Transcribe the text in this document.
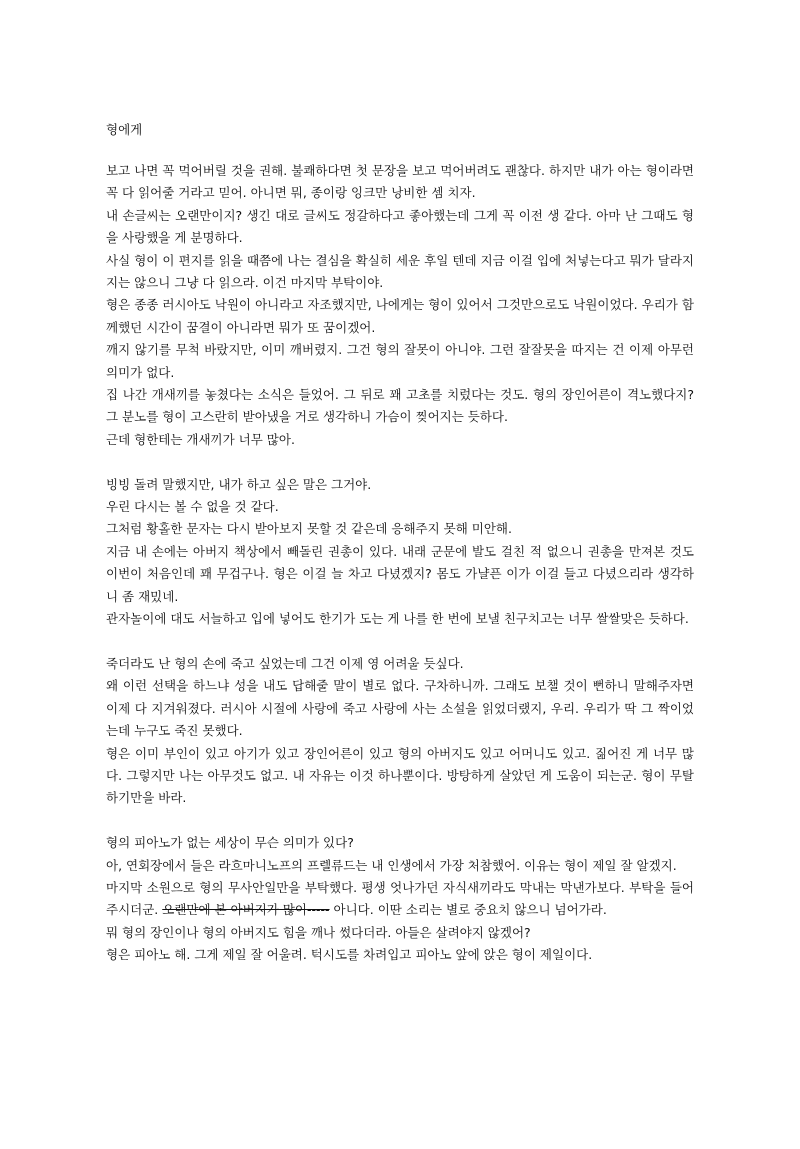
형에게

보고 나면 꼭 먹어버릴 것을 권해. 불쾌하다면 첫 문장을 보고 먹어버려도 괜찮다. 하지만 내가 아는 형이라면 꼭 다 읽어줄 거라고 믿어. 아니면 뭐, 종이랑 잉크만 낭비한 셈 치자.

내 손글씨는 오랜만이지? 생긴 대로 글씨도 정갈하다고 좋아했는데 그게 꼭 이전 생 같다. 아마 난 그때도 형을 사랑했을 게 분명하다.

사실 형이 이 편지를 읽을 때쯤에 나는 결심을 확실히 세운 후일 텐데 지금 이걸 입에 처넣는다고 뭐가 달라지지는 않으니 그냥 다 읽으라. 이건 마지막 부탁이야.

형은 종종 러시아도 낙원이 아니라고 자조했지만, 나에게는 형이 있어서 그것만으로도 낙원이었다. 우리가 함께했던 시간이 꿈결이 아니라면 뭐가 또 꿈이겠어.

깨지 않기를 무척 바랐지만, 이미 깨버렸지. 그건 형의 잘못이 아니야. 그런 잘잘못을 따지는 건 이제 아무런 의미가 없다.

집 나간 개새끼를 놓쳤다는 소식은 들었어. 그 뒤로 꽤 고초를 치렀다는 것도. 형의 장인어른이 격노했다지? 그 분노를 형이 고스란히 받아냈을 거로 생각하니 가슴이 찢어지는 듯하다.

근데 형한테는 개새끼가 너무 많아.

빙빙 돌려 말했지만, 내가 하고 싶은 말은 그거야.

우린 다시는 볼 수 없을 것 같다.

그처럼 황홀한 문자는 다시 받아보지 못할 것 같은데 응해주지 못해 미안해.

지금 내 손에는 아버지 책상에서 빼돌린 권총이 있다. 내래 군문에 발도 걸친 적 없으니 권총을 만져본 것도 이번이 처음인데 꽤 무겁구나. 형은 이걸 늘 차고 다녔겠지? 몸도 가냘픈 이가 이걸 들고 다녔으리라 생각하니 좀 재밌네.

관자놀이에 대도 서늘하고 입에 넣어도 한기가 도는 게 나를 한 번에 보낼 친구치고는 너무 쌀쌀맞은 듯하다.

죽더라도 난 형의 손에 죽고 싶었는데 그건 이제 영 어려울 듯싶다.

왜 이런 선택을 하느냐 성을 내도 답해줄 말이 별로 없다. 구차하니까. 그래도 보챌 것이 뻔하니 말해주자면 이제 다 지겨워졌다. 러시아 시절에 사랑에 죽고 사랑에 사는 소설을 읽었더랬지, 우리. 우리가 딱 그 짝이었는데 누구도 죽진 못했다.

형은 이미 부인이 있고 아기가 있고 장인어른이 있고 형의 아버지도 있고 어머니도 있고. 짊어진 게 너무 많다. 그렇지만 나는 아무것도 없고. 내 자유는 이것 하나뿐이다. 방탕하게 살았던 게 도움이 되는군. 형이 무탈하기만을 바라.

형의 피아노가 없는 세상이 무슨 의미가 있다?

아, 연회장에서 들은 라흐마니노프의 프렐류드는 내 인생에서 가장 처참했어. 이유는 형이 제일 잘 알겠지.

마지막 소원으로 형의 무사안일만을 부탁했다. 평생 엇나가던 자식새끼라도 막내는 막낸가보다. 부탁을 들어주시더군. 오랜만에 본 아버지가 많이----- 아니다. 이딴 소리는 별로 중요치 않으니 넘어가라.

뭐 형의 장인이나 형의 아버지도 힘을 깨나 썼다더라. 아들은 살려야지 않겠어?

형은 피아노 해. 그게 제일 잘 어울려. 턱시도를 차려입고 피아노 앞에 앉은 형이 제일이다.
